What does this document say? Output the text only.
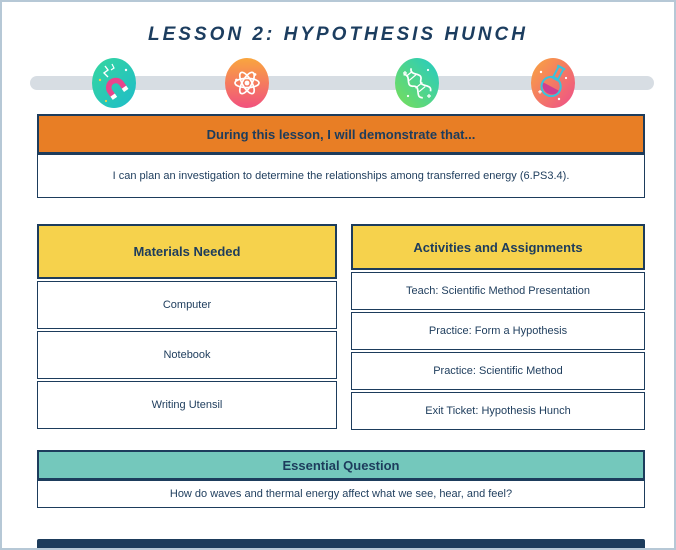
LESSON 2: HYPOTHESIS HUNCH
During this lesson, I will demonstrate that...
I can plan an investigation to determine the relationships among transferred energy (6.PS3.4).
Materials Needed
Computer
Notebook
Writing Utensil
Activities and Assignments
Teach: Scientific Method Presentation
Practice: Form a Hypothesis
Practice: Scientific Method
Exit Ticket: Hypothesis Hunch
Essential Question
How do waves and thermal energy affect what we see, hear, and feel?
